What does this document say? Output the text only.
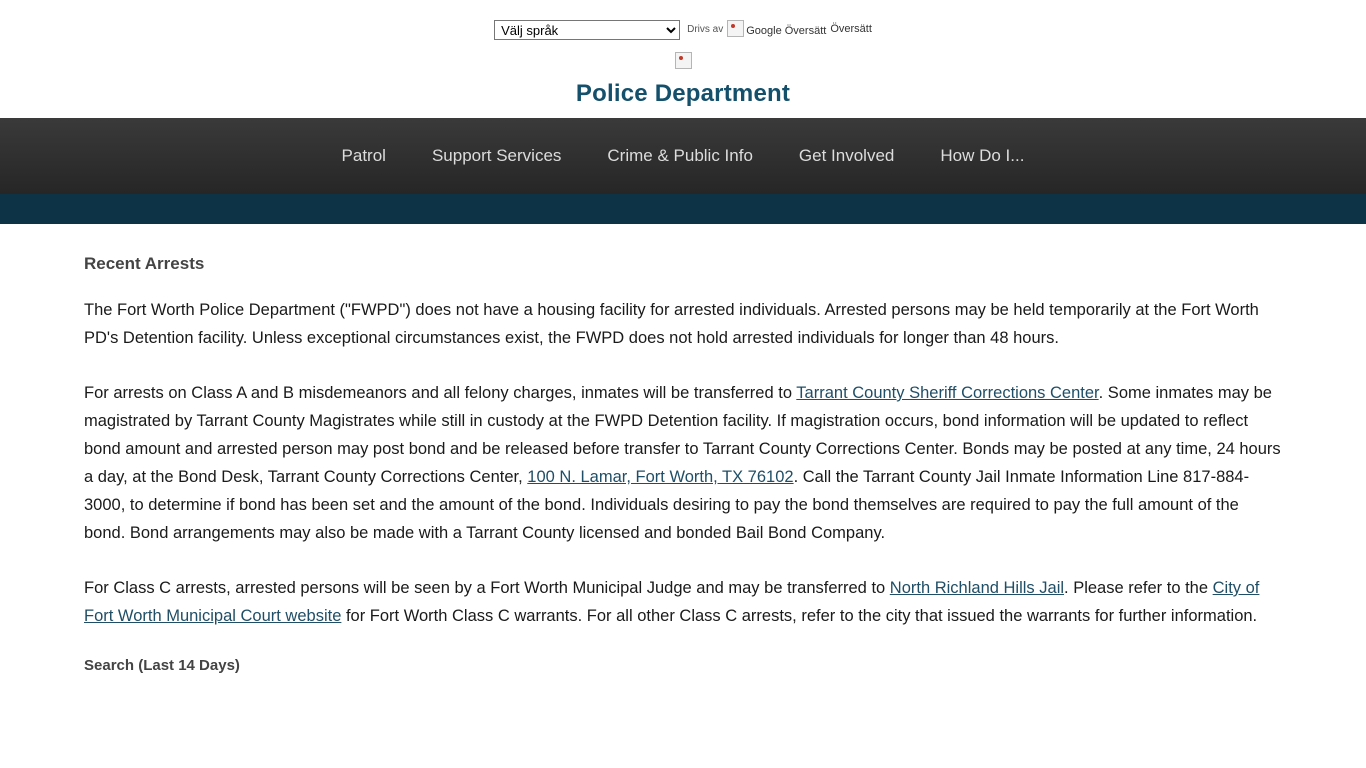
Välj språk
Drivs av	Google Översätt Översätt
Police Department
Patrol	Support Services	Crime & Public Info	Get Involved	How Do I...
Recent Arrests

The Fort Worth Police Department ("FWPD") does not have a housing facility for arrested individuals. Arrested persons may be held temporarily at the Fort Worth PD's Detention facility. Unless exceptional circumstances exist, the FWPD does not hold arrested individuals for longer than 48 hours.

For arrests on Class A and B misdemeanors and all felony charges, inmates will be transferred to Tarrant County Sheriff Corrections Center. Some inmates may be magistrated by Tarrant County Magistrates while still in custody at the FWPD Detention facility. If magistration occurs, bond information will be updated to reflect bond amount and arrested person may post bond and be released before transfer to Tarrant County Corrections Center. Bonds may be posted at any time, 24 hours a day, at the Bond Desk, Tarrant County Corrections Center, 100 N. Lamar, Fort Worth, TX 76102. Call the Tarrant County Jail Inmate Information Line 817-884-3000, to determine if bond has been set and the amount of the bond. Individuals desiring to pay the bond themselves are required to pay the full amount of the bond. Bond arrangements may also be made with a Tarrant County licensed and bonded Bail Bond Company.

For Class C arrests, arrested persons will be seen by a Fort Worth Municipal Judge and may be transferred to North Richland Hills Jail. Please refer to the City of Fort Worth Municipal Court website for Fort Worth Class C warrants. For all other Class C arrests, refer to the city that issued the warrants for further information.

Search (Last 14 Days)
